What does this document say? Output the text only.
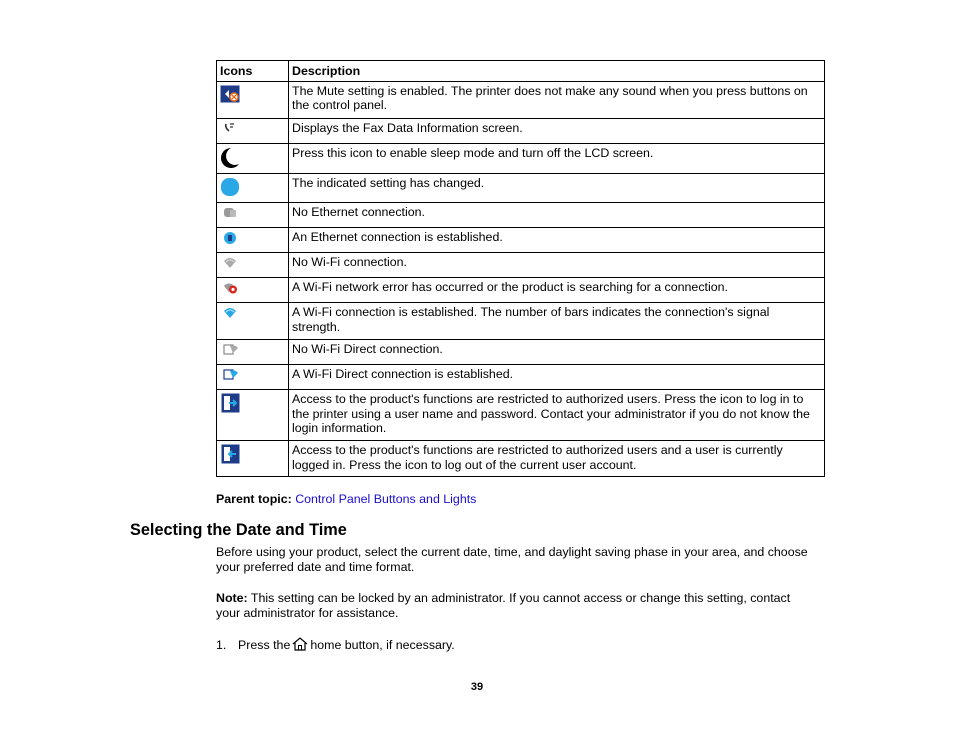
Icons	Description

	The Mute setting is enabled. The printer does not make any sound when you press buttons on the control panel.

	Displays the Fax Data Information screen.

	Press this icon to enable sleep mode and turn off the LCD screen.

	The indicated setting has changed.

	No Ethernet connection.

	An Ethernet connection is established.

	No Wi-Fi connection.

	A Wi-Fi network error has occurred or the product is searching for a connection.

	A Wi-Fi connection is established. The number of bars indicates the connection's signal strength.

	No Wi-Fi Direct connection.

	A Wi-Fi Direct connection is established.

	Access to the product's functions are restricted to authorized users. Press the icon to log in to the printer using a user name and password. Contact your administrator if you do not know the login information.

	Access to the product's functions are restricted to authorized users and a user is currently logged in. Press the icon to log out of the current user account.
Parent topic: Control Panel Buttons and Lights
Selecting the Date and Time

Before using your product, select the current date, time, and daylight saving phase in your area, and choose your preferred date and time format.

Note: This setting can be locked by an administrator. If you cannot access or change this setting, contact your administrator for assistance.

1. Press the home button, if necessary.
39
